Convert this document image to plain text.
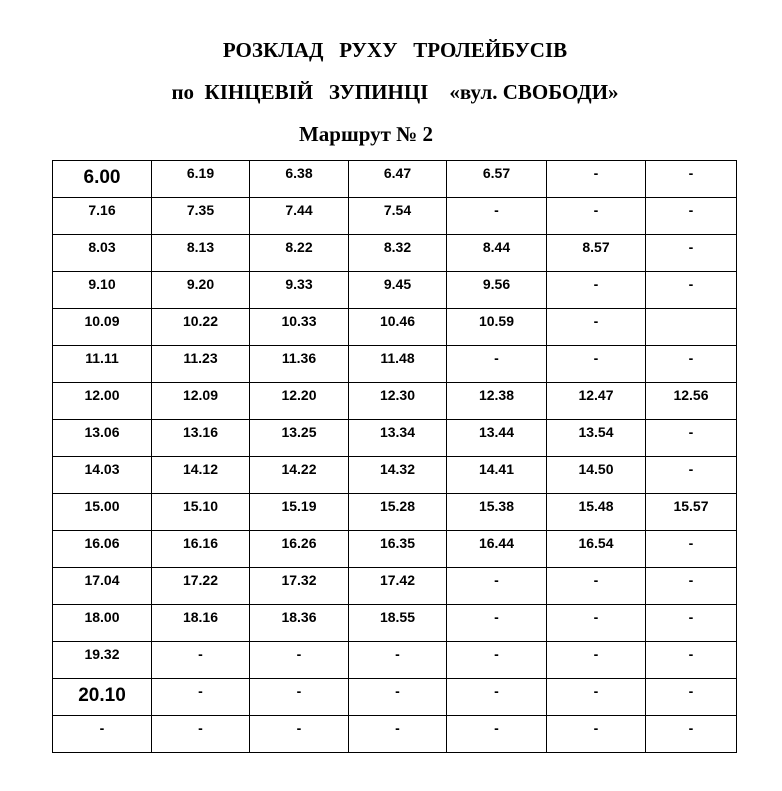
РОЗКЛАД   РУХУ   ТРОЛЕЙБУСІВ
по  КІНЦЕВІЙ   ЗУПИНЦІ    «вул. СВОБОДИ»
Маршрут № 2
6.00	6.19	6.38	6.47	6.57	-	-
7.16	7.35	7.44	7.54	-	-	-
8.03	8.13	8.22	8.32	8.44	8.57	-
9.10	9.20	9.33	9.45	9.56	-	-
10.09	10.22	10.33	10.46	10.59	-	
11.11	11.23	11.36	11.48	-	-	-
12.00	12.09	12.20	12.30	12.38	12.47	12.56
13.06	13.16	13.25	13.34	13.44	13.54	-
14.03	14.12	14.22	14.32	14.41	14.50	-
15.00	15.10	15.19	15.28	15.38	15.48	15.57
16.06	16.16	16.26	16.35	16.44	16.54	-
17.04	17.22	17.32	17.42	-	-	-
18.00	18.16	18.36	18.55	-	-	-
19.32	-	-	-	-	-	-
20.10	-	-	-	-	-	-
-	-	-	-	-	-	-
